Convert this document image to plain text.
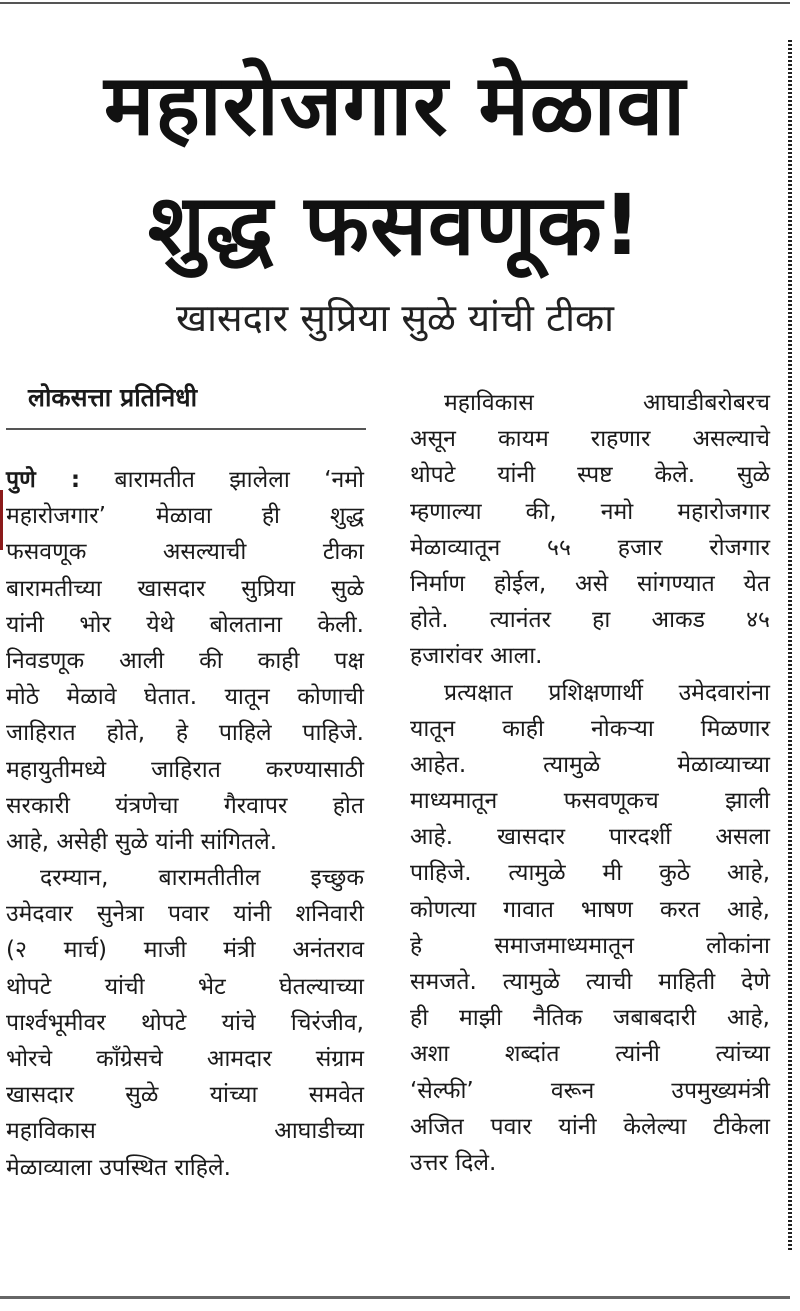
महारोजगार मेळावा
शुद्ध फसवणूक!
खासदार सुप्रिया सुळे यांची टीका
लोकसत्ता प्रतिनिधी
पुणे : बारामतीत झालेला ‘नमो
महारोजगार’ मेळावा ही शुद्ध
फसवणूक असल्याची टीका
बारामतीच्या खासदार सुप्रिया सुळे
यांनी भोर येथे बोलताना केली.
निवडणूक आली की काही पक्ष
मोठे मेळावे घेतात. यातून कोणाची
जाहिरात होते, हे पाहिले पाहिजे.
महायुतीमध्ये जाहिरात करण्यासाठी
सरकारी यंत्रणेचा गैरवापर होत
आहे, असेही सुळे यांनी सांगितले.
दरम्यान, बारामतीतील इच्छुक
उमेदवार सुनेत्रा पवार यांनी शनिवारी
(२ मार्च) माजी मंत्री अनंतराव
थोपटे यांची भेट घेतल्याच्या
पार्श्वभूमीवर थोपटे यांचे चिरंजीव,
भोरचे काँग्रेसचे आमदार संग्राम
खासदार सुळे यांच्या समवेत
महाविकास आघाडीच्या
मेळाव्याला उपस्थित राहिले.
महाविकास आघाडीबरोबरच
असून कायम राहणार असल्याचे
थोपटे यांनी स्पष्ट केले. सुळे
म्हणाल्या की, नमो महारोजगार
मेळाव्यातून ५५ हजार रोजगार
निर्माण होईल, असे सांगण्यात येत
होते. त्यानंतर हा आकड ४५
हजारांवर आला.
प्रत्यक्षात प्रशिक्षणार्थी उमेदवारांना
यातून काही नोकऱ्या मिळणार
आहेत. त्यामुळे मेळाव्याच्या
माध्यमातून फसवणूकच झाली
आहे. खासदार पारदर्शी असला
पाहिजे. त्यामुळे मी कुठे आहे,
कोणत्या गावात भाषण करत आहे,
हे समाजमाध्यमातून लोकांना
समजते. त्यामुळे त्याची माहिती देणे
ही माझी नैतिक जबाबदारी आहे,
अशा शब्दांत त्यांनी त्यांच्या
‘सेल्फी’ वरून उपमुख्यमंत्री
अजित पवार यांनी केलेल्या टीकेला
उत्तर दिले.
